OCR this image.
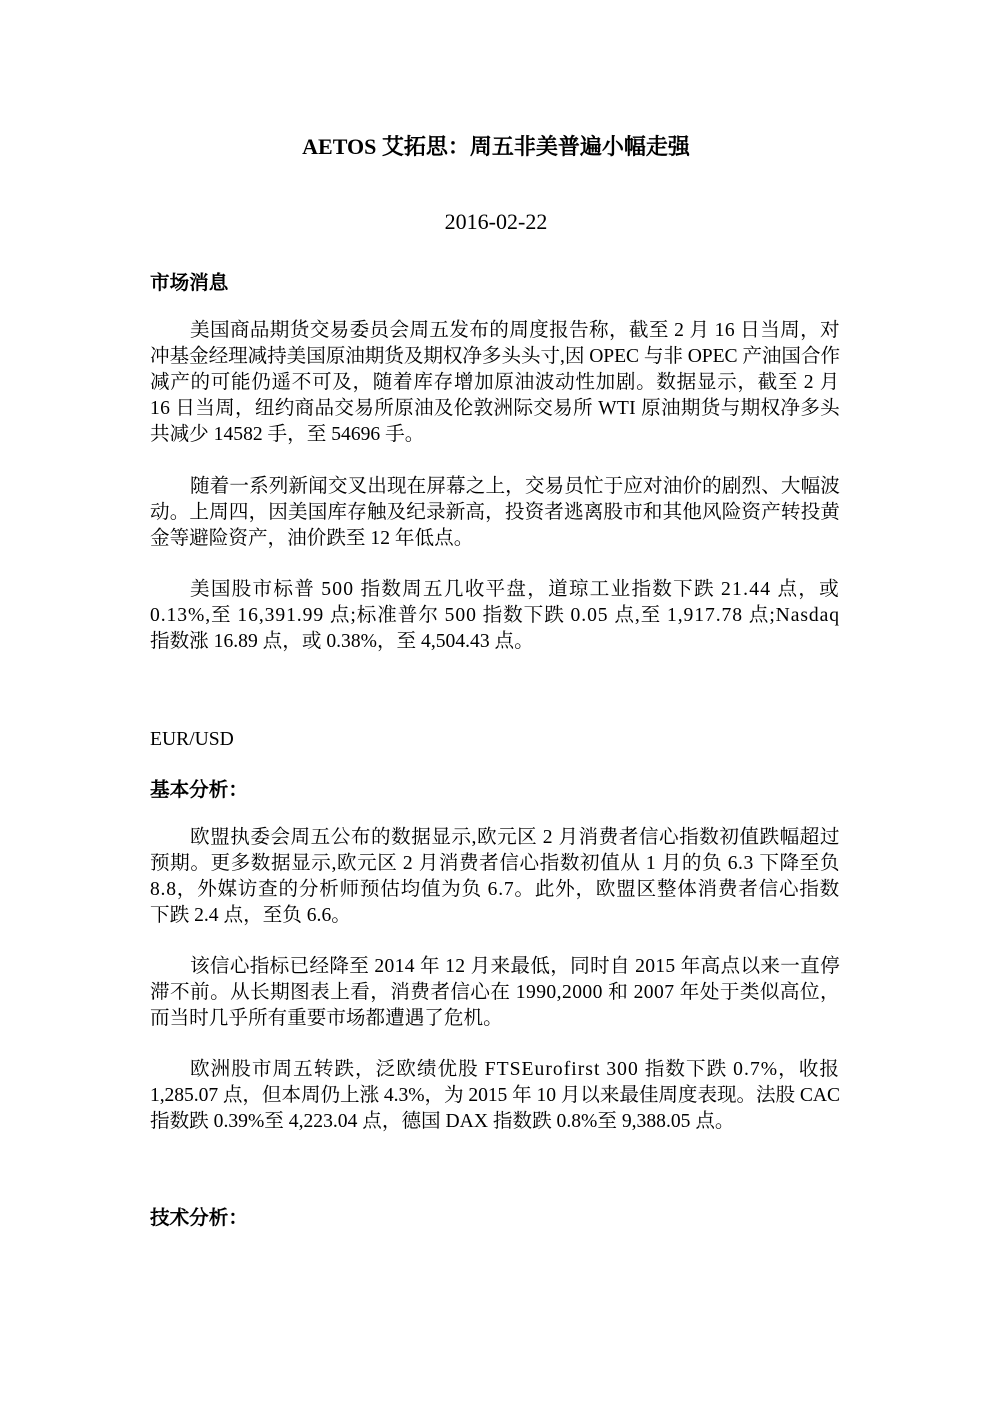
AETOS 艾拓思：周五非美普遍小幅走强
2016-02-22
市场消息
美国商品期货交易委员会周五发布的周度报告称，截至 2 月 16 日当周，对
冲基金经理减持美国原油期货及期权净多头头寸,因 OPEC 与非 OPEC 产油国合作
减产的可能仍遥不可及，随着库存增加原油波动性加剧。数据显示，截至 2 月
16 日当周，纽约商品交易所原油及伦敦洲际交易所 WTI 原油期货与期权净多头
共减少 14582 手，至 54696 手。
随着一系列新闻交叉出现在屏幕之上，交易员忙于应对油价的剧烈、大幅波
动。上周四，因美国库存触及纪录新高，投资者逃离股市和其他风险资产转投黄
金等避险资产，油价跌至 12 年低点。
美国股市标普 500 指数周五几收平盘，道琼工业指数下跌 21.44 点，或
0.13%,至 16,391.99 点;标准普尔 500 指数下跌 0.05 点,至 1,917.78 点;Nasdaq
指数涨 16.89 点，或 0.38%，至 4,504.43 点。
EUR/USD
基本分析：
欧盟执委会周五公布的数据显示,欧元区 2 月消费者信心指数初值跌幅超过
预期。更多数据显示,欧元区 2 月消费者信心指数初值从 1 月的负 6.3 下降至负
8.8，外媒访查的分析师预估均值为负 6.7。此外，欧盟区整体消费者信心指数
下跌 2.4 点，至负 6.6。
该信心指标已经降至 2014 年 12 月来最低，同时自 2015 年高点以来一直停
滞不前。从长期图表上看，消费者信心在 1990,2000 和 2007 年处于类似高位，
而当时几乎所有重要市场都遭遇了危机。
欧洲股市周五转跌，泛欧绩优股 FTSEurofirst 300 指数下跌 0.7%，收报
1,285.07 点，但本周仍上涨 4.3%，为 2015 年 10 月以来最佳周度表现。法股 CAC
指数跌 0.39%至 4,223.04 点，德国 DAX 指数跌 0.8%至 9,388.05 点。
技术分析：
